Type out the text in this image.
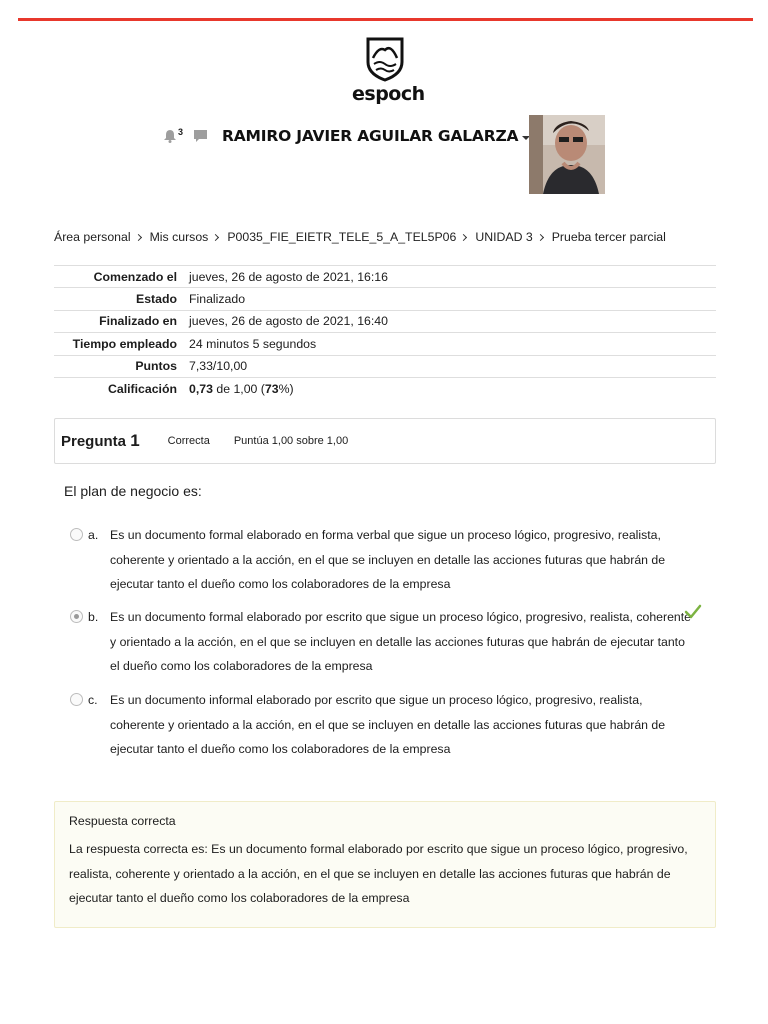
espoch
3	RAMIRO JAVIER AGUILAR GALARZA
Área personal Mis cursos P0035_FIE_EIETR_TELE_5_A_TEL5P06 UNIDAD 3 Prueba tercer parcial
Comenzado el	jueves, 26 de agosto de 2021, 16:16
Estado	Finalizado
Finalizado en	jueves, 26 de agosto de 2021, 16:40
Tiempo empleado	24 minutos 5 segundos
Puntos	7,33/10,00
Calificación	0,73 de 1,00 (73%)
Pregunta 1	Correcta Puntúa 1,00 sobre 1,00
El plan de negocio es:
a. Es un documento formal elaborado en forma verbal que sigue un proceso lógico, progresivo, realista, coherente y orientado a la acción, en el que se incluyen en detalle las acciones futuras que habrán de ejecutar tanto el dueño como los colaboradores de la empresa
b. Es un documento formal elaborado por escrito que sigue un proceso lógico, progresivo, realista, coherente y orientado a la acción, en el que se incluyen en detalle las acciones futuras que habrán de ejecutar tanto el dueño como los colaboradores de la empresa
c. Es un documento informal elaborado por escrito que sigue un proceso lógico, progresivo, realista, coherente y orientado a la acción, en el que se incluyen en detalle las acciones futuras que habrán de ejecutar tanto el dueño como los colaboradores de la empresa
Respuesta correcta
La respuesta correcta es: Es un documento formal elaborado por escrito que sigue un proceso lógico, progresivo, realista, coherente y orientado a la acción, en el que se incluyen en detalle las acciones futuras que habrán de ejecutar tanto el dueño como los colaboradores de la empresa
